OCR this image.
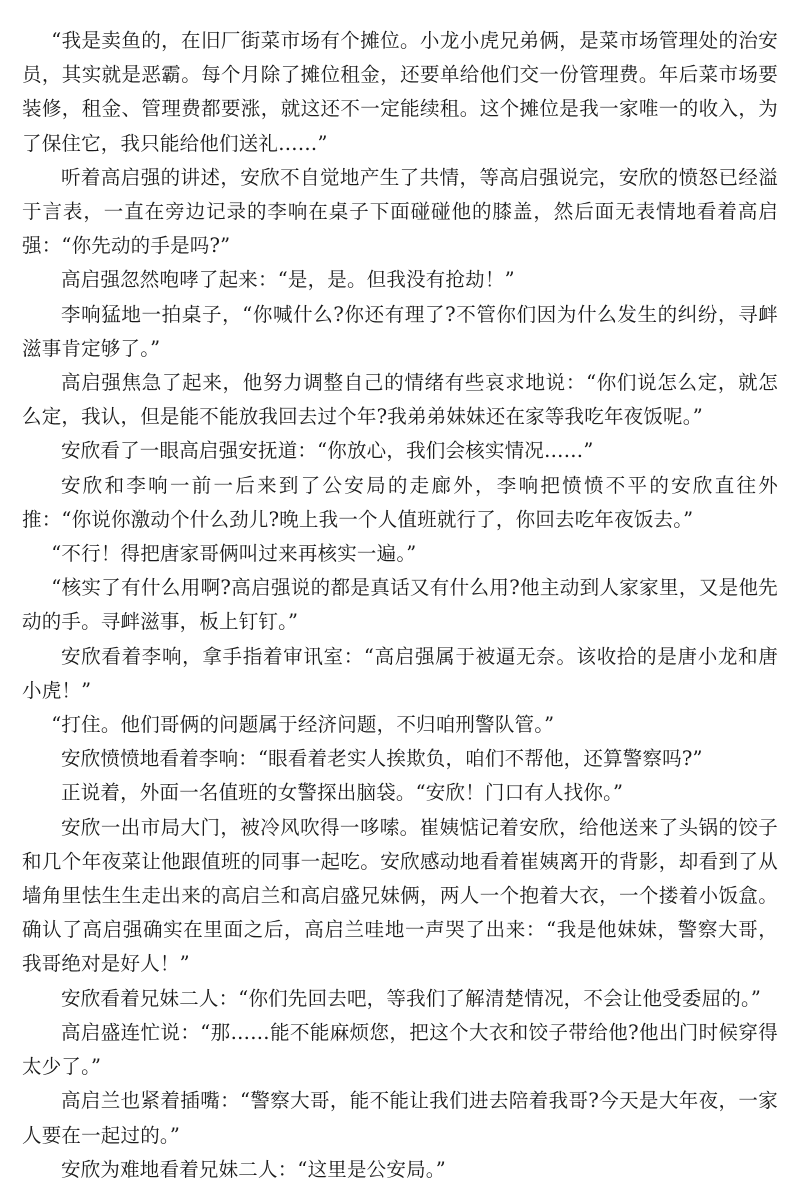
“我是卖鱼的，在旧厂街菜市场有个摊位。小龙小虎兄弟俩，是菜市场管理处的治安员，其实就是恶霸。每个月除了摊位租金，还要单给他们交一份管理费。年后菜市场要装修，租金、管理费都要涨，就这还不一定能续租。这个摊位是我一家唯一的收入，为了保住它，我只能给他们送礼……”

听着高启强的讲述，安欣不自觉地产生了共情，等高启强说完，安欣的愤怒已经溢于言表，一直在旁边记录的李响在桌子下面碰碰他的膝盖，然后面无表情地看着高启强：“你先动的手是吗?”

高启强忽然咆哮了起来：“是，是。但我没有抢劫！”

李响猛地一拍桌子，“你喊什么?你还有理了?不管你们因为什么发生的纠纷，寻衅滋事肯定够了。”

高启强焦急了起来，他努力调整自己的情绪有些哀求地说：“你们说怎么定，就怎么定，我认，但是能不能放我回去过个年?我弟弟妹妹还在家等我吃年夜饭呢。”

安欣看了一眼高启强安抚道：“你放心，我们会核实情况……”

安欣和李响一前一后来到了公安局的走廊外，李响把愤愤不平的安欣直往外推：“你说你激动个什么劲儿?晚上我一个人值班就行了，你回去吃年夜饭去。”

“不行！得把唐家哥俩叫过来再核实一遍。”

“核实了有什么用啊?高启强说的都是真话又有什么用?他主动到人家家里，又是他先动的手。寻衅滋事，板上钉钉。”

安欣看着李响，拿手指着审讯室：“高启强属于被逼无奈。该收拾的是唐小龙和唐小虎！”

“打住。他们哥俩的问题属于经济问题，不归咱刑警队管。”

安欣愤愤地看着李响：“眼看着老实人挨欺负，咱们不帮他，还算警察吗?”

正说着，外面一名值班的女警探出脑袋。“安欣！门口有人找你。”

安欣一出市局大门，被冷风吹得一哆嗦。崔姨惦记着安欣，给他送来了头锅的饺子和几个年夜菜让他跟值班的同事一起吃。安欣感动地看着崔姨离开的背影，却看到了从墙角里怯生生走出来的高启兰和高启盛兄妹俩，两人一个抱着大衣，一个搂着小饭盒。确认了高启强确实在里面之后，高启兰哇地一声哭了出来：“我是他妹妹，警察大哥，我哥绝对是好人！”

安欣看着兄妹二人：“你们先回去吧，等我们了解清楚情况，不会让他受委屈的。”

高启盛连忙说：“那……能不能麻烦您，把这个大衣和饺子带给他?他出门时候穿得太少了。”

高启兰也紧着插嘴：“警察大哥，能不能让我们进去陪着我哥?今天是大年夜，一家人要在一起过的。”

安欣为难地看着兄妹二人：“这里是公安局。”
